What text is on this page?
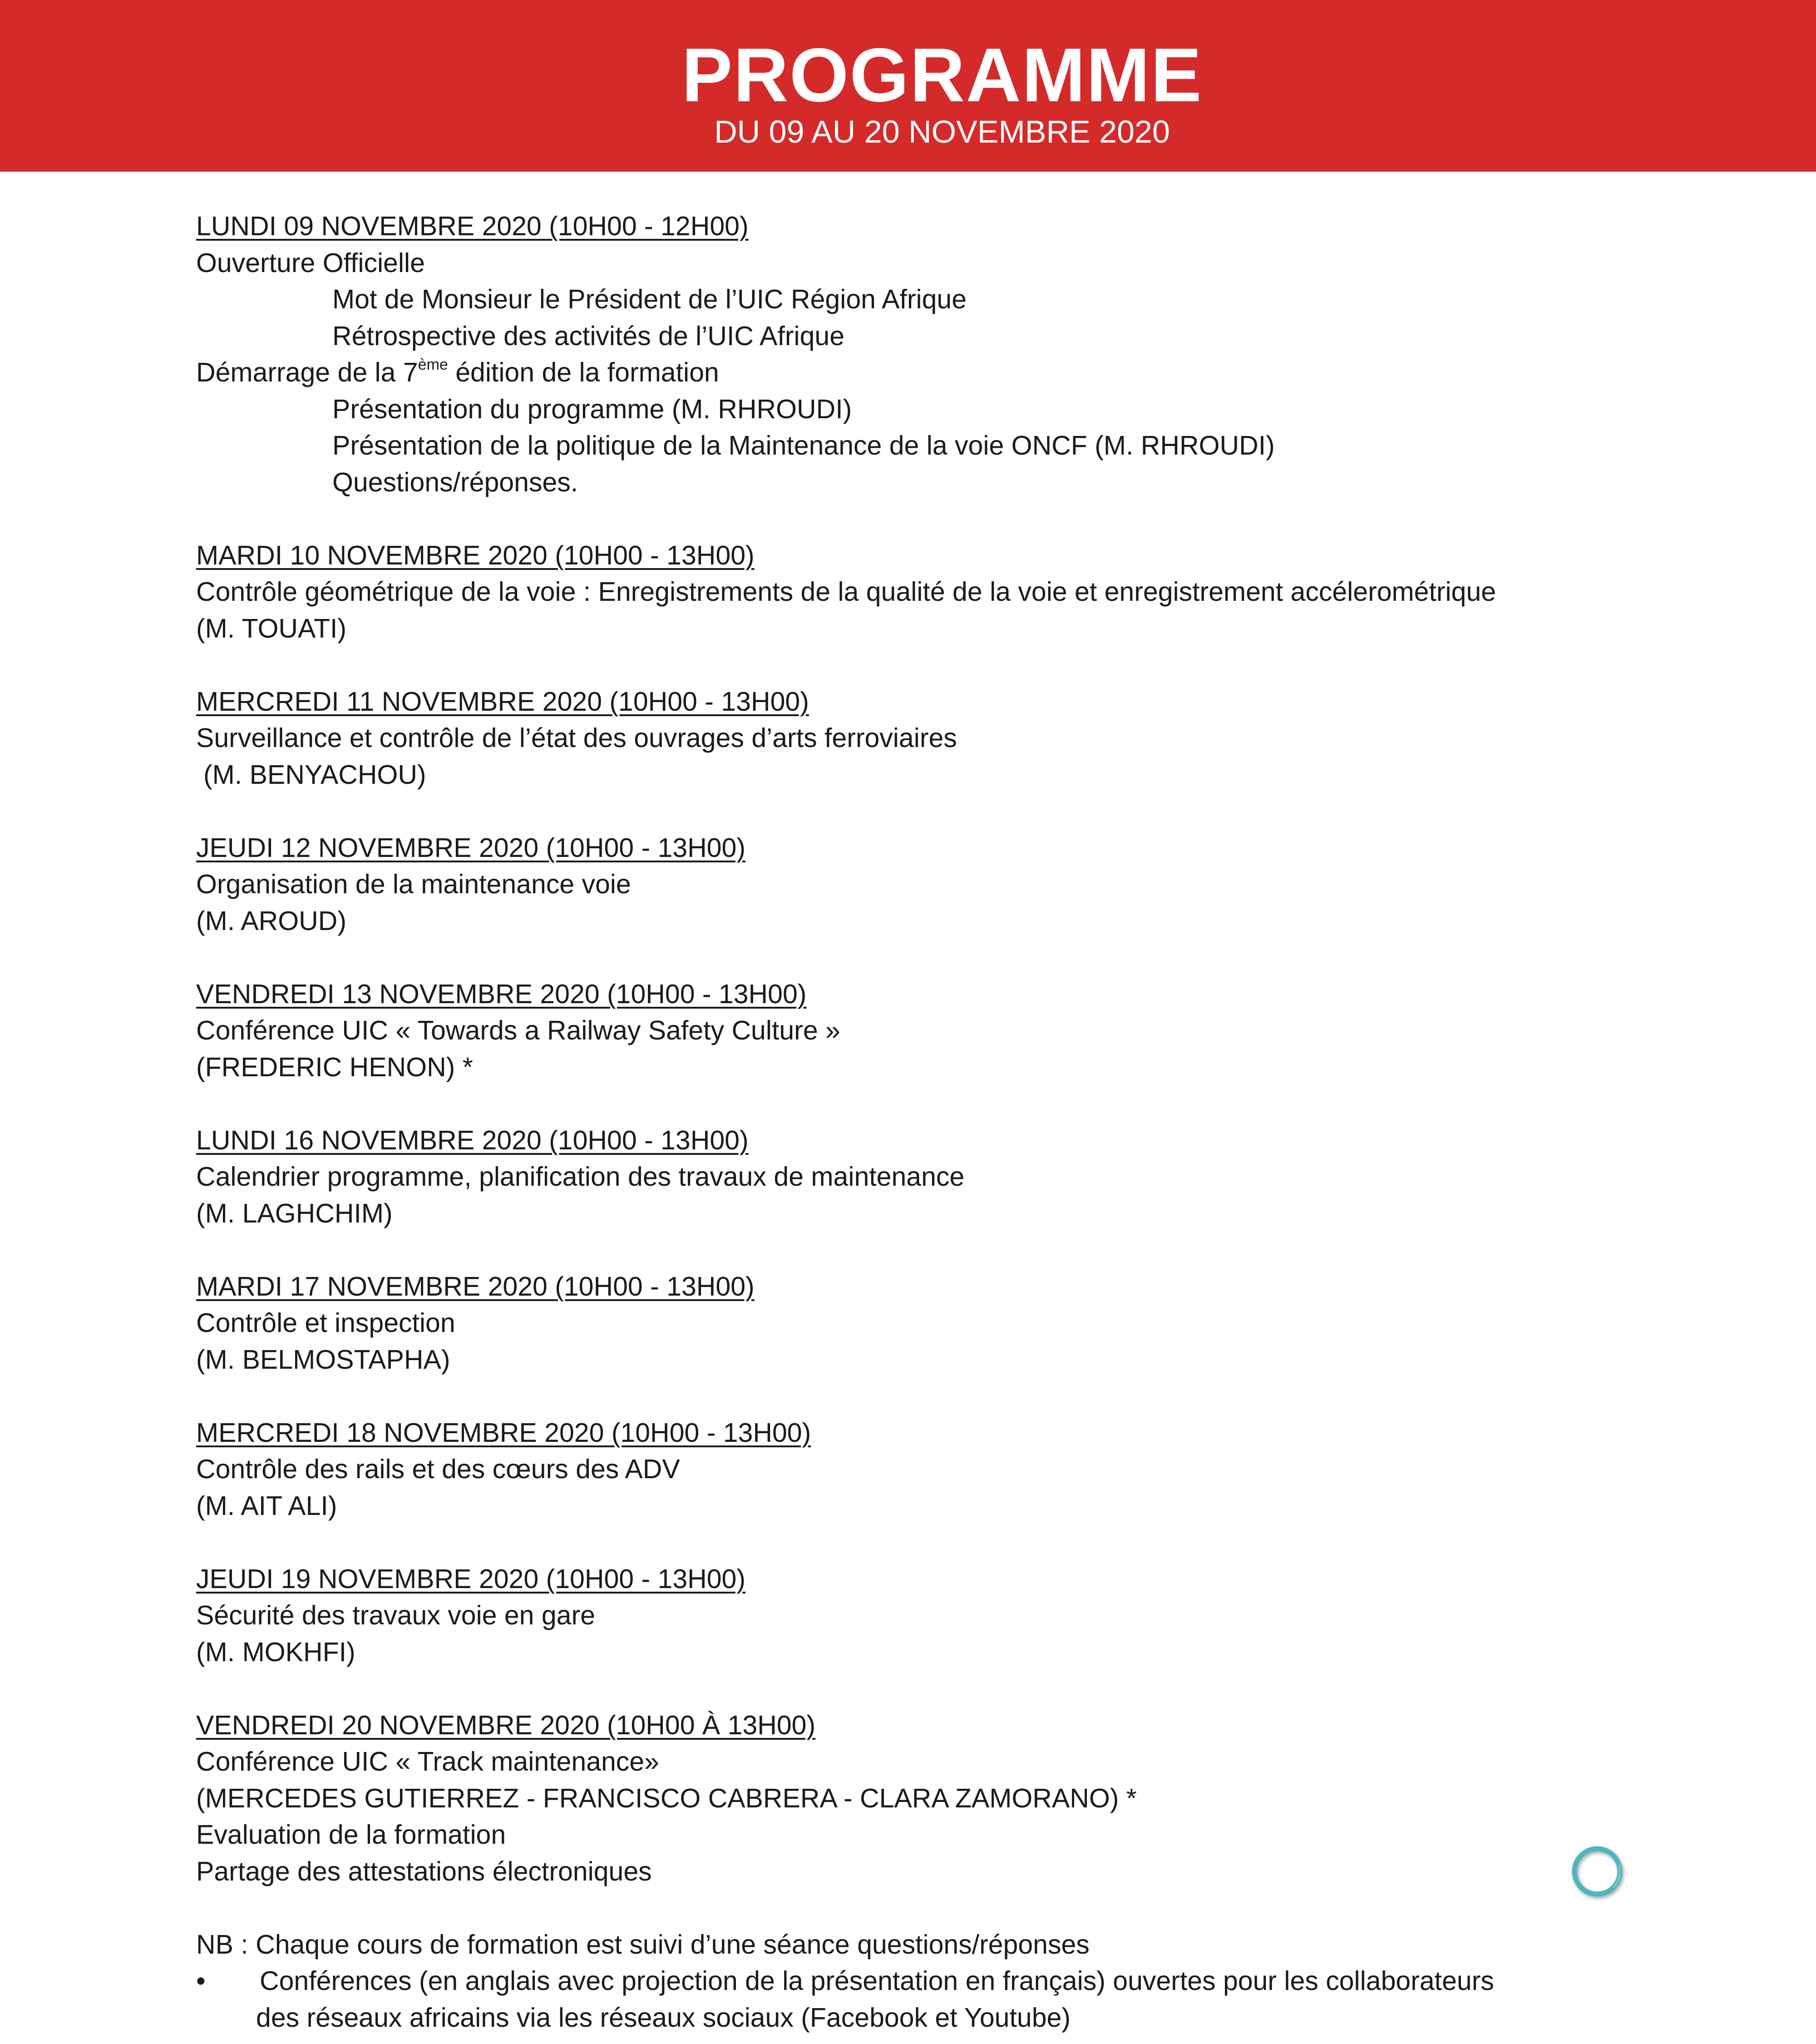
PROGRAMME
DU 09 AU 20 NOVEMBRE 2020
LUNDI 09 NOVEMBRE 2020 (10H00 - 12H00)
Ouverture Officielle
Mot de Monsieur le Président de l’UIC Région Afrique
Rétrospective des activités de l’UIC Afrique
Démarrage de la 7ème édition de la formation
Présentation du programme (M. RHROUDI)
Présentation de la politique de la Maintenance de la voie ONCF (M. RHROUDI)
Questions/réponses.
MARDI 10 NOVEMBRE 2020 (10H00 - 13H00)
Contrôle géométrique de la voie : Enregistrements de la qualité de la voie et enregistrement accélerométrique
(M. TOUATI)
MERCREDI 11 NOVEMBRE 2020 (10H00 - 13H00)
Surveillance et contrôle de l’état des ouvrages d’arts ferroviaires
(M. BENYACHOU)
JEUDI 12 NOVEMBRE 2020 (10H00 - 13H00)
Organisation de la maintenance voie
(M. AROUD)
VENDREDI 13 NOVEMBRE 2020 (10H00 - 13H00)
Conférence UIC « Towards a Railway Safety Culture »
(FREDERIC HENON) *
LUNDI 16 NOVEMBRE 2020 (10H00 - 13H00)
Calendrier programme, planification des travaux de maintenance
(M. LAGHCHIM)
MARDI 17 NOVEMBRE 2020 (10H00 - 13H00)
Contrôle et inspection
(M. BELMOSTAPHA)
MERCREDI 18 NOVEMBRE 2020 (10H00 - 13H00)
Contrôle des rails et des cœurs des ADV
(M. AIT ALI)
JEUDI 19 NOVEMBRE 2020 (10H00 - 13H00)
Sécurité des travaux voie en gare
(M. MOKHFI)
VENDREDI 20 NOVEMBRE 2020 (10H00 À 13H00)
Conférence UIC « Track maintenance»
(MERCEDES GUTIERREZ - FRANCISCO CABRERA - CLARA ZAMORANO) *
Evaluation de la formation
Partage des attestations électroniques
NB : Chaque cours de formation est suivi d’une séance questions/réponses
• Conférences (en anglais avec projection de la présentation en français) ouvertes pour les collaborateurs
des réseaux africains via les réseaux sociaux (Facebook et Youtube)
